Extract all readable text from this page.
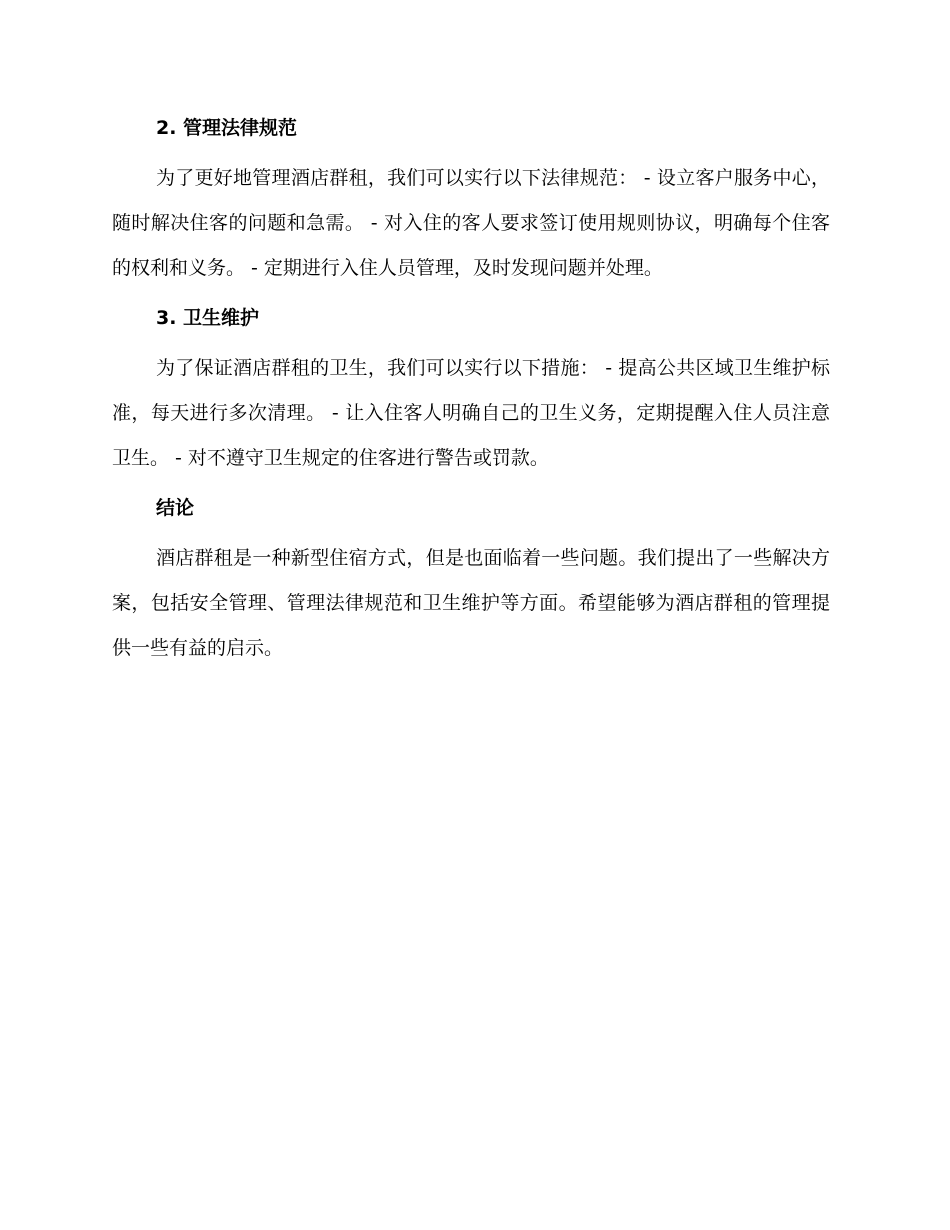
2. 管理法律规范

为了更好地管理酒店群租，我们可以实行以下法律规范： - 设立客户服务中心，随时解决住客的问题和急需。 - 对入住的客人要求签订使用规则协议，明确每个住客的权利和义务。 - 定期进行入住人员管理，及时发现问题并处理。

3. 卫生维护

为了保证酒店群租的卫生，我们可以实行以下措施： - 提高公共区域卫生维护标准，每天进行多次清理。 - 让入住客人明确自己的卫生义务，定期提醒入住人员注意卫生。 - 对不遵守卫生规定的住客进行警告或罚款。

结论

酒店群租是一种新型住宿方式，但是也面临着一些问题。我们提出了一些解决方案，包括安全管理、管理法律规范和卫生维护等方面。希望能够为酒店群租的管理提供一些有益的启示。
